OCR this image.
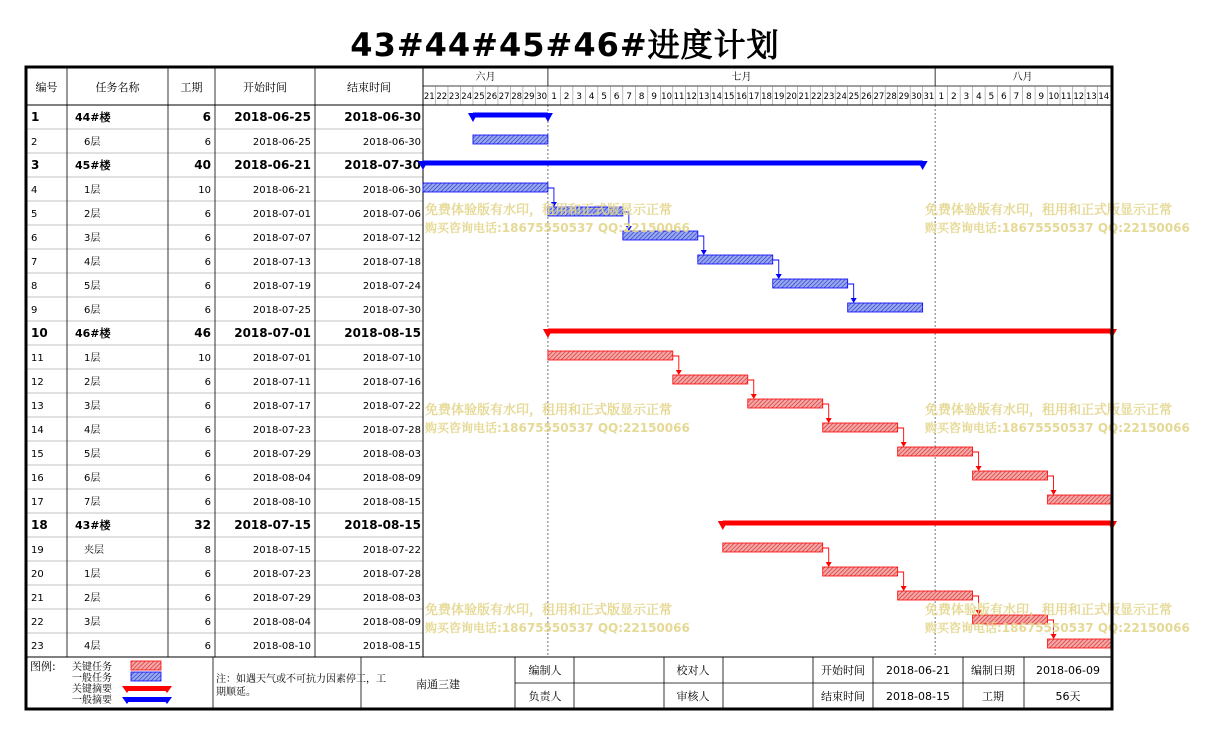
43#44#45#46#进度计划
编号	任务名称	工期	开始时间	结束时间
六月	七月	八月
21 22 23 24 25 26 27 28 29 30 1 2 3 4 5 6 7 8 9 10 11 12 13 14 15 16 17 18 19 20 21 22 23 24 25 26 27 28 29 30 31 1 2 3 4 5 6 7 8 9 10 11 12 13 14
1	44#楼	6 2018-06-25	2018-06-30
2	6层	6	2018-06-25	2018-06-30
3	45#楼	40 2018-06-21	2018-07-30
4	1层	10	2018-06-21	2018-06-30
5	2层	6	2018-07-01	2018-07-06
6	3层	6	2018-07-07	2018-07-12
7	4层	6	2018-07-13	2018-07-18
8	5层	6	2018-07-19	2018-07-24
9	6层	6	2018-07-25	2018-07-30
10 46#楼	46 2018-07-01	2018-08-15
11	1层	10	2018-07-01	2018-07-10
12	2层	6	2018-07-11	2018-07-16
13	3层	6	2018-07-17	2018-07-22
14	4层	6	2018-07-23	2018-07-28
15	5层	6	2018-07-29	2018-08-03
16	6层	6	2018-08-04	2018-08-09
17	7层	6	2018-08-10	2018-08-15
18 43#楼	32 2018-07-15	2018-08-15
19	夹层	8	2018-07-15	2018-07-22
20	1层	6	2018-07-23	2018-07-28
21	2层	6	2018-07-29	2018-08-03
22	3层	6	2018-08-04	2018-08-09
23	4层	6	2018-08-10	2018-08-15
免费体验版有水印，租用和正式版显示正常
购买咨询电话:18675550537 QQ:22150066
免费体验版有水印，租用和正式版显示正常
购买咨询电话:18675550537 QQ:22150066
免费体验版有水印，租用和正式版显示正常
购买咨询电话:18675550537 QQ:22150066
免费体验版有水印，租用和正式版显示正常
购买咨询电话:18675550537 QQ:22150066
免费体验版有水印，租用和正式版显示正常
购买咨询电话:18675550537 QQ:22150066
免费体验版有水印，租用和正式版显示正常
购买咨询电话:18675550537 QQ:22150066
图例: 关键任务
一般任务
关键摘要
一般摘要
注：如遇天气或不可抗力因素停工，工
期顺延。
南通三建
编制人	校对人	开始时间 2018-06-21 编制日期 2018-06-09
负责人	审核人	结束时间 2018-08-15	工期	56天
